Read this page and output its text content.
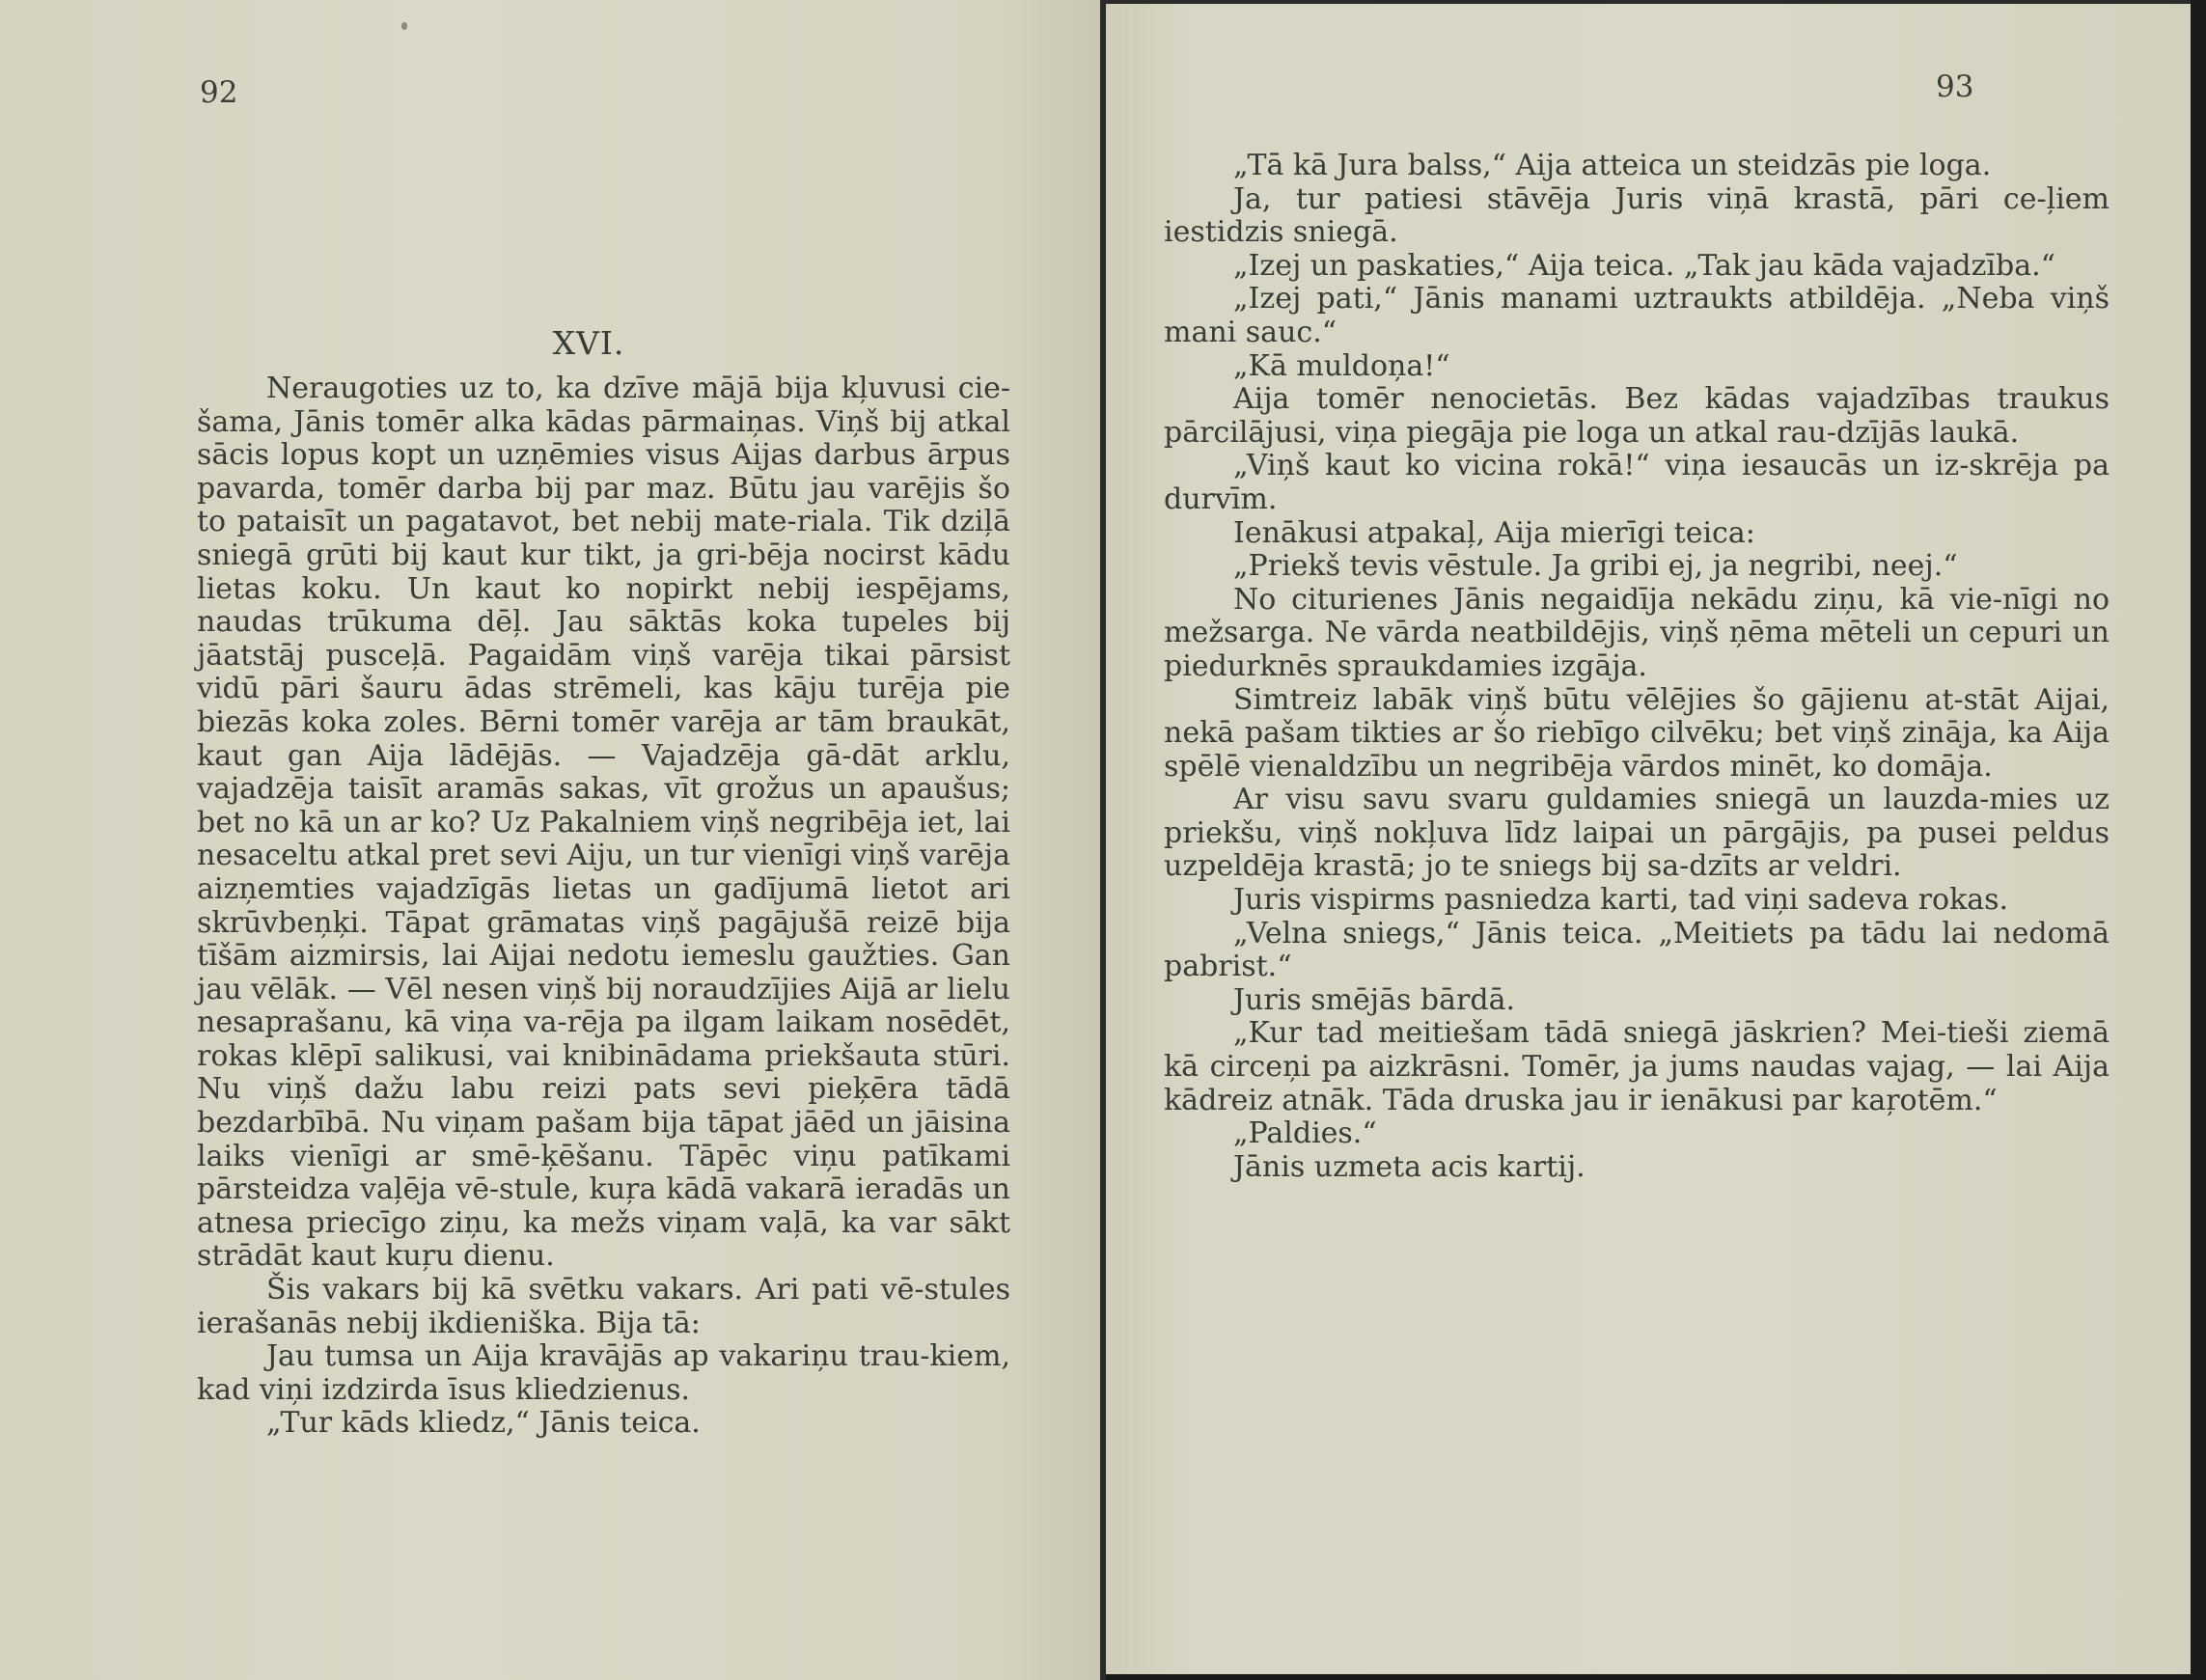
92
XVI.

Neraugoties uz to, ka dzīve mājā bija kļuvusi cie-šama, Jānis tomēr alka kādas pārmaiņas. Viņš bij atkal sācis lopus kopt un uzņēmies visus Aijas darbus ārpus pavarda, tomēr darba bij par maz. Būtu jau varējis šo to pataisīt un pagatavot, bet nebij mate-riala. Tik dziļā sniegā grūti bij kaut kur tikt, ja gri-bēja nocirst kādu lietas koku. Un kaut ko nopirkt nebij iespējams, naudas trūkuma dēļ. Jau sāktās koka tupeles bij jāatstāj pusceļā. Pagaidām viņš varēja tikai pārsist vidū pāri šauru ādas strēmeli, kas kāju turēja pie biezās koka zoles. Bērni tomēr varēja ar tām braukāt, kaut gan Aija lādējās. — Vajadzēja gā-dāt arklu, vajadzēja taisīt aramās sakas, vīt grožus un apaušus; bet no kā un ar ko? Uz Pakalniem viņš negribēja iet, lai nesaceltu atkal pret sevi Aiju, un tur vienīgi viņš varēja aizņemties vajadzīgās lietas un gadījumā lietot ari skrūvbeņķi. Tāpat grāmatas viņš pagājušā reizē bija tīšām aizmirsis, lai Aijai nedotu iemeslu gaužties. Gan jau vēlāk. — Vēl nesen viņš bij noraudzījies Aijā ar lielu nesaprašanu, kā viņa va-rēja pa ilgam laikam nosēdēt, rokas klēpī salikusi, vai knibinādama priekšauta stūri. Nu viņš dažu labu reizi pats sevi pieķēra tādā bezdarbībā. Nu viņam pašam bija tāpat jāēd un jāisina laiks vienīgi ar smē-ķēšanu. Tāpēc viņu patīkami pārsteidza vaļēja vē-stule, kuŗa kādā vakarā ieradās un atnesa priecīgo ziņu, ka mežs viņam vaļā, ka var sākt strādāt kaut kuŗu dienu.

Šis vakars bij kā svētku vakars. Ari pati vē-stules ierašanās nebij ikdieniška. Bija tā:

Jau tumsa un Aija kravājās ap vakariņu trau-kiem, kad viņi izdzirda īsus kliedzienus.

„Tur kāds kliedz,“ Jānis teica.

93

„Tā kā Jura balss,“ Aija atteica un steidzās pie loga.

Ja, tur patiesi stāvēja Juris viņā krastā, pāri ce-ļiem iestidzis sniegā.

„Izej un paskaties,“ Aija teica. „Tak jau kāda vajadzība.“

„Izej pati,“ Jānis manami uztraukts atbildēja. „Neba viņš mani sauc.“

„Kā muldoņa!“

Aija tomēr nenocietās. Bez kādas vajadzības traukus pārcilājusi, viņa piegāja pie loga un atkal rau-dzījās laukā.

„Viņš kaut ko vicina rokā!“ viņa iesaucās un iz-skrēja pa durvīm.

Ienākusi atpakaļ, Aija mierīgi teica:

„Priekš tevis vēstule. Ja gribi ej, ja negribi, neej.“

No citurienes Jānis negaidīja nekādu ziņu, kā vie-nīgi no mežsarga. Ne vārda neatbildējis, viņš ņēma mēteli un cepuri un piedurknēs spraukdamies izgāja.

Simtreiz labāk viņš būtu vēlējies šo gājienu at-stāt Aijai, nekā pašam tikties ar šo riebīgo cilvēku; bet viņš zināja, ka Aija spēlē vienaldzību un negribēja vārdos minēt, ko domāja.

Ar visu savu svaru guldamies sniegā un lauzda-mies uz priekšu, viņš nokļuva līdz laipai un pārgājis, pa pusei peldus uzpeldēja krastā; jo te sniegs bij sa-dzīts ar veldri.

Juris vispirms pasniedza karti, tad viņi sadeva rokas.

„Velna sniegs,“ Jānis teica. „Meitiets pa tādu lai nedomā pabrist.“

Juris smējās bārdā.

„Kur tad meitiešam tādā sniegā jāskrien? Mei-tieši ziemā kā circeņi pa aizkrāsni. Tomēr, ja jums naudas vajag, — lai Aija kādreiz atnāk. Tāda druska jau ir ienākusi par kaŗotēm.“

„Paldies.“

Jānis uzmeta acis kartij.
